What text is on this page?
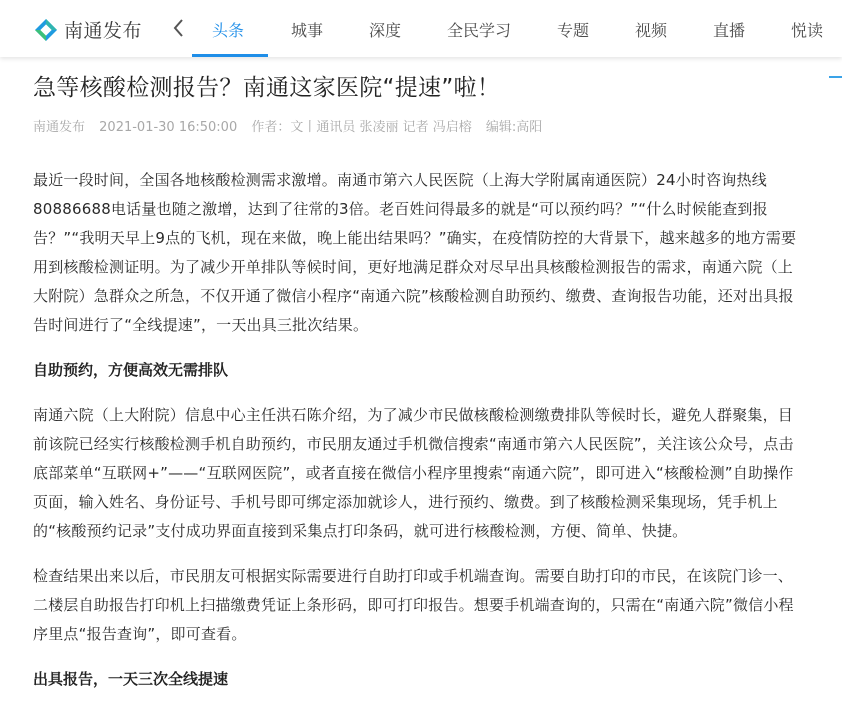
南通发布	头条	城事	深度	全民学习	专题	视频	直播	悦读
急等核酸检测报告？南通这家医院“提速”啦！
南通发布 2021-01-30 16:50:00 作者：文丨通讯员 张凌丽 记者 冯启榕 编辑:高阳

最近一段时间，全国各地核酸检测需求激增。南通市第六人民医院（上海大学附属南通医院）24小时咨询热线80886688电话量也随之激增，达到了往常的3倍。老百姓问得最多的就是“可以预约吗？”“什么时候能查到报告？”“我明天早上9点的飞机，现在来做，晚上能出结果吗？”确实，在疫情防控的大背景下，越来越多的地方需要用到核酸检测证明。为了减少开单排队等候时间，更好地满足群众对尽早出具核酸检测报告的需求，南通六院（上大附院）急群众之所急，不仅开通了微信小程序“南通六院”核酸检测自助预约、缴费、查询报告功能，还对出具报告时间进行了“全线提速”，一天出具三批次结果。

自助预约，方便高效无需排队

南通六院（上大附院）信息中心主任洪石陈介绍，为了减少市民做核酸检测缴费排队等候时长，避免人群聚集，目前该院已经实行核酸检测手机自助预约，市民朋友通过手机微信搜索“南通市第六人民医院”，关注该公众号，点击底部菜单“互联网+”——“互联网医院”，或者直接在微信小程序里搜索“南通六院”，即可进入“核酸检测”自助操作页面，输入姓名、身份证号、手机号即可绑定添加就诊人，进行预约、缴费。到了核酸检测采集现场，凭手机上的“核酸预约记录”支付成功界面直接到采集点打印条码，就可进行核酸检测，方便、简单、快捷。

检查结果出来以后，市民朋友可根据实际需要进行自助打印或手机端查询。需要自助打印的市民，在该院门诊一、二楼层自助报告打印机上扫描缴费凭证上条形码，即可打印报告。想要手机端查询的，只需在“南通六院”微信小程序里点“报告查询”，即可查看。

出具报告，一天三次全线提速
